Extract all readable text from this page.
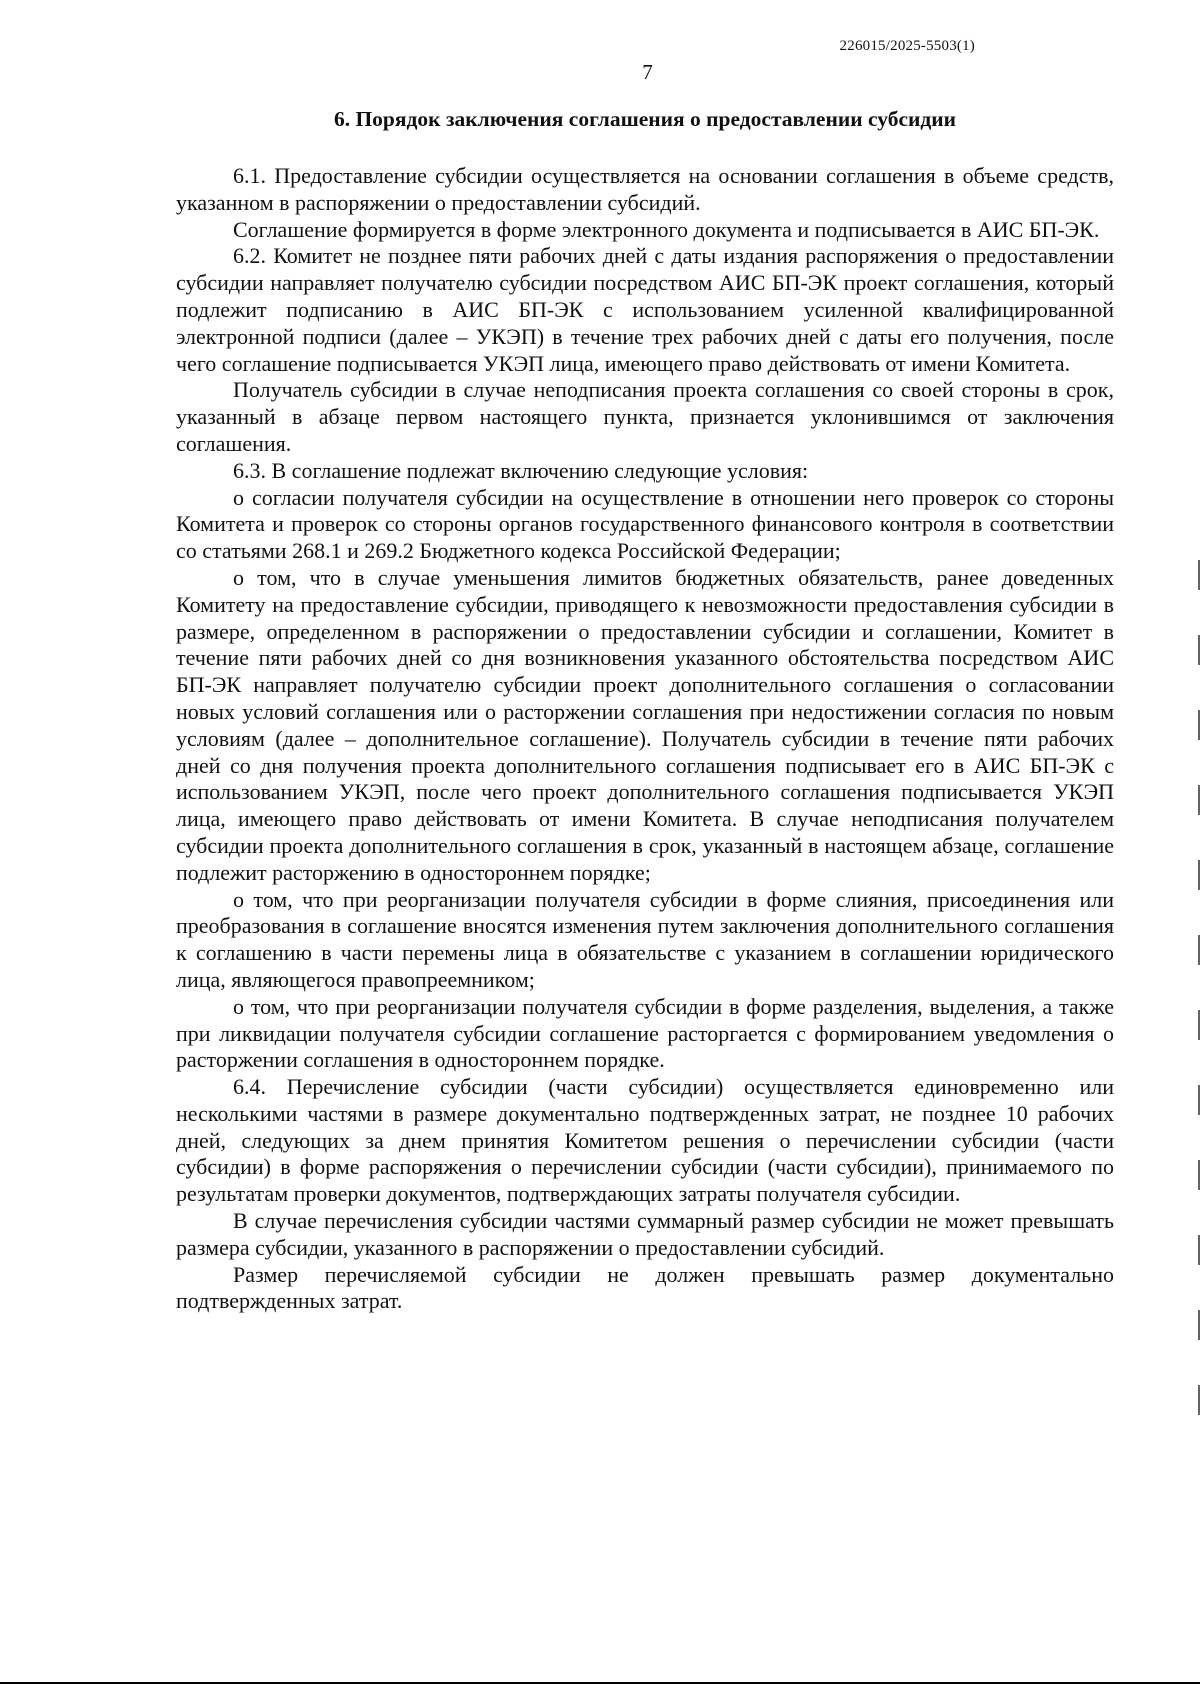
226015/2025-5503(1)
7
6. Порядок заключения соглашения о предоставлении субсидии

6.1. Предоставление субсидии осуществляется на основании соглашения в объеме средств, указанном в распоряжении о предоставлении субсидий.

Соглашение формируется в форме электронного документа и подписывается в АИС БП-ЭК.

6.2. Комитет не позднее пяти рабочих дней с даты издания распоряжения о предоставлении субсидии направляет получателю субсидии посредством АИС БП-ЭК проект соглашения, который подлежит подписанию в АИС БП-ЭК с использованием усиленной квалифицированной электронной подписи (далее – УКЭП) в течение трех рабочих дней с даты его получения, после чего соглашение подписывается УКЭП лица, имеющего право действовать от имени Комитета.

Получатель субсидии в случае неподписания проекта соглашения со своей стороны в срок, указанный в абзаце первом настоящего пункта, признается уклонившимся от заключения соглашения.

6.3. В соглашение подлежат включению следующие условия:

о согласии получателя субсидии на осуществление в отношении него проверок со стороны Комитета и проверок со стороны органов государственного финансового контроля в соответствии со статьями 268.1 и 269.2 Бюджетного кодекса Российской Федерации;

о том, что в случае уменьшения лимитов бюджетных обязательств, ранее доведенных Комитету на предоставление субсидии, приводящего к невозможности предоставления субсидии в размере, определенном в распоряжении о предоставлении субсидии и соглашении, Комитет в течение пяти рабочих дней со дня возникновения указанного обстоятельства посредством АИС БП-ЭК направляет получателю субсидии проект дополнительного соглашения о согласовании новых условий соглашения или о расторжении соглашения при недостижении согласия по новым условиям (далее – дополнительное соглашение). Получатель субсидии в течение пяти рабочих дней со дня получения проекта дополнительного соглашения подписывает его в АИС БП-ЭК с использованием УКЭП, после чего проект дополнительного соглашения подписывается УКЭП лица, имеющего право действовать от имени Комитета. В случае неподписания получателем субсидии проекта дополнительного соглашения в срок, указанный в настоящем абзаце, соглашение подлежит расторжению в одностороннем порядке;

о том, что при реорганизации получателя субсидии в форме слияния, присоединения или преобразования в соглашение вносятся изменения путем заключения дополнительного соглашения к соглашению в части перемены лица в обязательстве с указанием в соглашении юридического лица, являющегося правопреемником;

о том, что при реорганизации получателя субсидии в форме разделения, выделения, а также при ликвидации получателя субсидии соглашение расторгается с формированием уведомления о расторжении соглашения в одностороннем порядке.

6.4. Перечисление субсидии (части субсидии) осуществляется единовременно или несколькими частями в размере документально подтвержденных затрат, не позднее 10 рабочих дней, следующих за днем принятия Комитетом решения о перечислении субсидии (части субсидии) в форме распоряжения о перечислении субсидии (части субсидии), принимаемого по результатам проверки документов, подтверждающих затраты получателя субсидии.

В случае перечисления субсидии частями суммарный размер субсидии не может превышать размера субсидии, указанного в распоряжении о предоставлении субсидий.

Размер перечисляемой субсидии не должен превышать размер документально подтвержденных затрат.
